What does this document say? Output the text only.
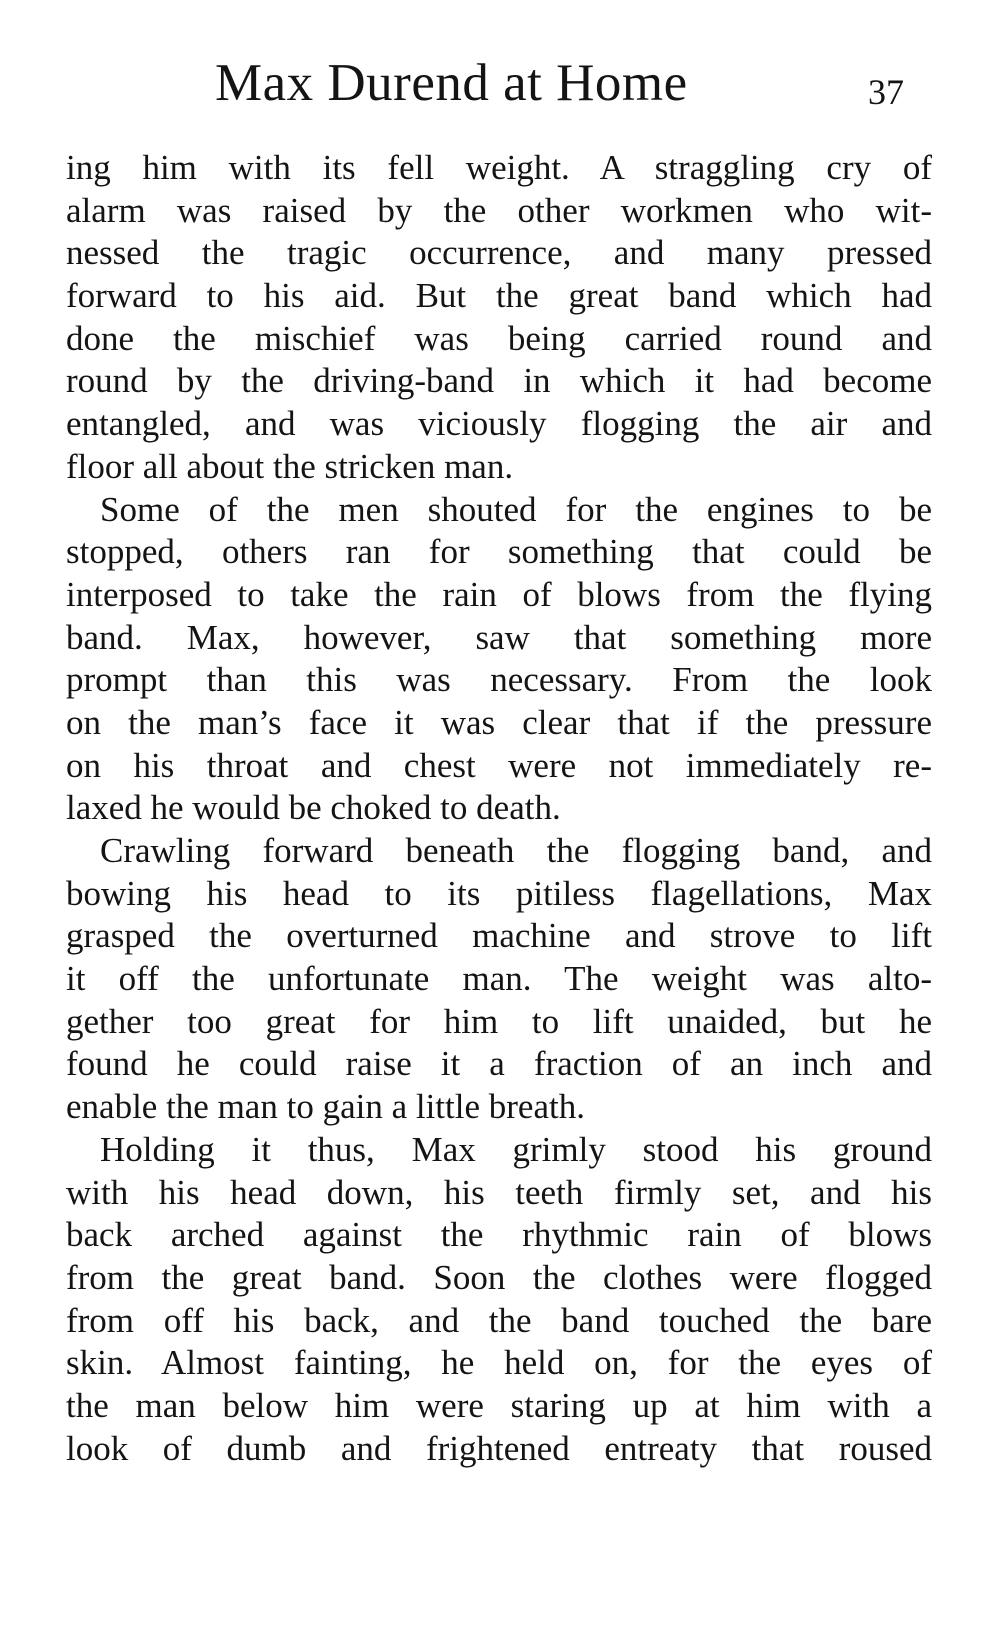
Max Durend at Home	37
ing him with its fell weight. A straggling cry of
alarm was raised by the other workmen who wit-
nessed the tragic occurrence, and many pressed
forward to his aid. But the great band which had
done the mischief was being carried round and
round by the driving-band in which it had become
entangled, and was viciously flogging the air and
floor all about the stricken man.
Some of the men shouted for the engines to be
stopped, others ran for something that could be
interposed to take the rain of blows from the flying
band. Max, however, saw that something more
prompt than this was necessary. From the look
on the man’s face it was clear that if the pressure
on his throat and chest were not immediately re-
laxed he would be choked to death.
Crawling forward beneath the flogging band, and
bowing his head to its pitiless flagellations, Max
grasped the overturned machine and strove to lift
it off the unfortunate man. The weight was alto-
gether too great for him to lift unaided, but he
found he could raise it a fraction of an inch and
enable the man to gain a little breath.
Holding it thus, Max grimly stood his ground
with his head down, his teeth firmly set, and his
back arched against the rhythmic rain of blows
from the great band. Soon the clothes were flogged
from off his back, and the band touched the bare
skin. Almost fainting, he held on, for the eyes of
the man below him were staring up at him with a
look of dumb and frightened entreaty that roused
